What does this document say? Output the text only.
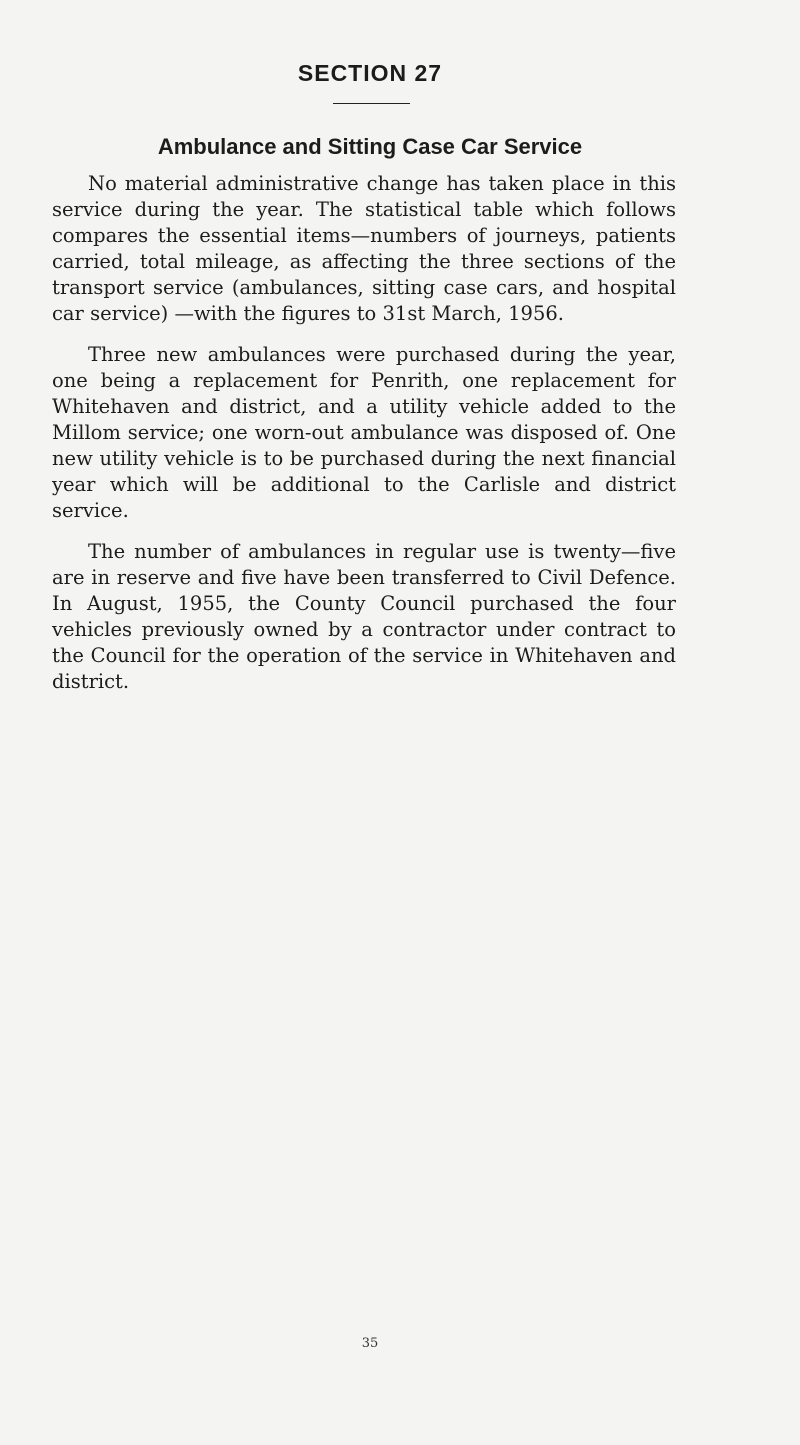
SECTION 27
Ambulance and Sitting Case Car Service

No material administrative change has taken place in this service during the year. The statistical table which follows compares the essential items—numbers of journeys, patients carried, total mileage, as affecting the three sections of the transport service (ambulances, sitting case cars, and hospital car service) —with the figures to 31st March, 1956.

Three new ambulances were purchased during the year, one being a replacement for Penrith, one replacement for Whitehaven and district, and a utility vehicle added to the Millom service; one worn-out ambulance was disposed of. One new utility vehicle is to be purchased during the next financial year which will be additional to the Carlisle and district service.

The number of ambulances in regular use is twenty—five are in reserve and five have been transferred to Civil Defence. In August, 1955, the County Council purchased the four vehicles previously owned by a contractor under contract to the Council for the operation of the service in Whitehaven and district.

35
